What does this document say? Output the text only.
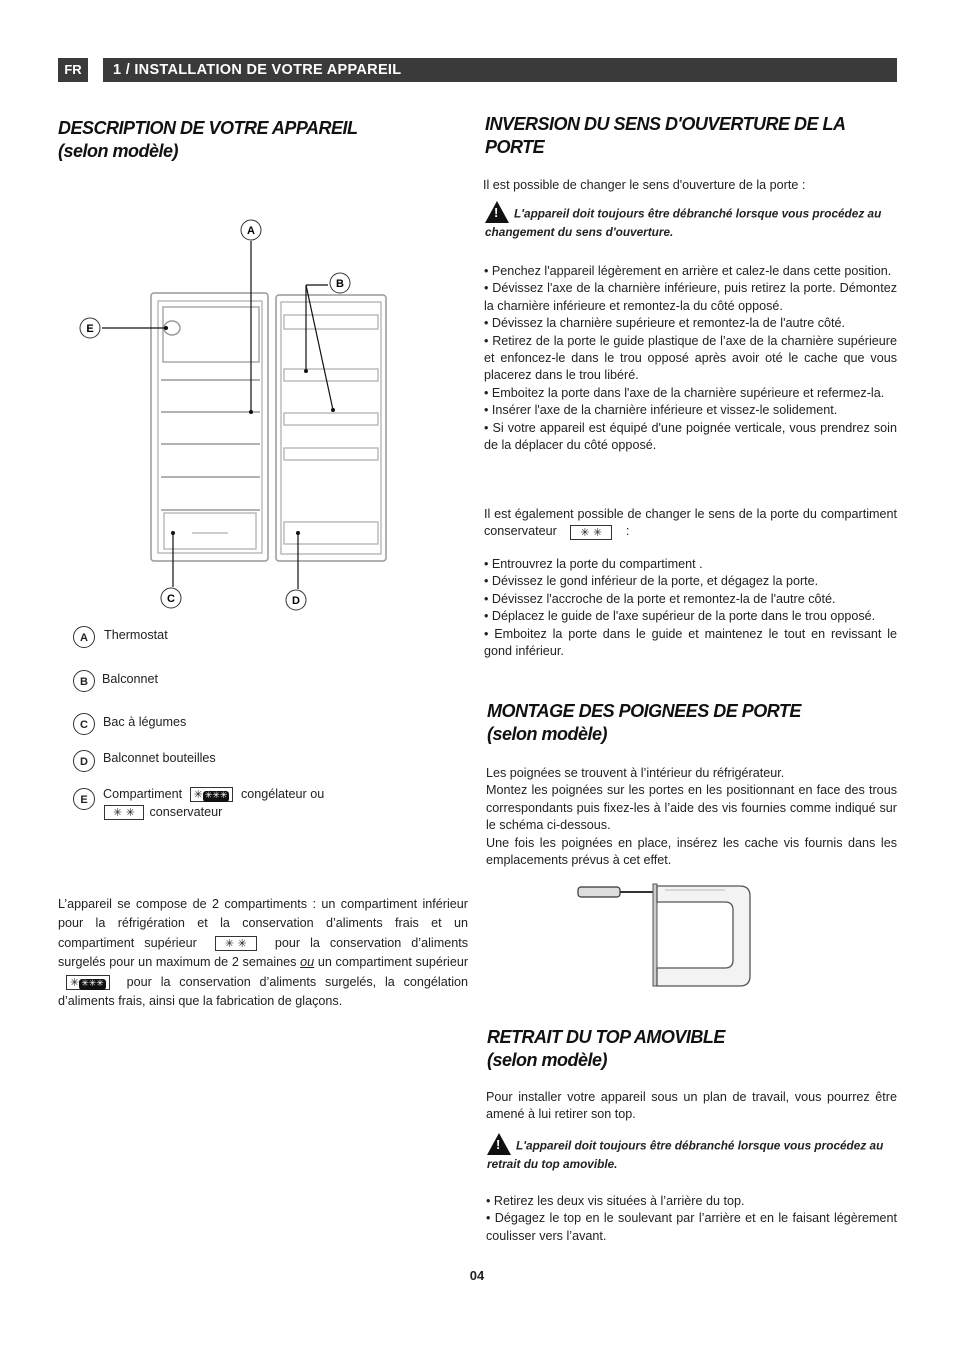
FR	1 / INSTALLATION DE VOTRE APPAREIL
DESCRIPTION DE VOTRE APPAREIL
(selon modèle)
A
B
E
C	D
A	Thermostat
B	Balconnet
C	Bac à légumes
D	Balconnet bouteilles
E	Compartiment ✳ ✳✳✳ congélateur ou
✳ ✳ conservateur
L’appareil se compose de 2 compartiments : un compartiment inférieur pour la réfrigération et la conservation d’aliments frais et un compartiment supérieur	✳ ✳ pour la conservation d’aliments surgelés pour un maximum de 2 semaines ou un compartiment supérieur ✳ ✳✳✳ pour la conservation d’aliments surgelés, la congélation d’aliments frais, ainsi que la fabrication de glaçons.
INVERSION DU SENS D'OUVERTURE DE LA PORTE
Il est possible de changer le sens d'ouverture de la porte :
!L'appareil doit toujours être débranché lorsque vous procédez au changement du sens d'ouverture.
• Penchez l'appareil légèrement en arrière et calez-le dans cette position.
• Dévissez l'axe de la charnière inférieure, puis retirez la porte. Démontez la charnière inférieure et remontez-la du côté opposé.
• Dévissez la charnière supérieure et remontez-la de l'autre côté.
• Retirez de la porte le guide plastique de l’axe de la charnière supérieure et enfoncez-le dans le trou opposé après avoir oté le cache que vous placerez dans le trou libéré.
• Emboitez la porte dans l'axe de la charnière supérieure et refermez-la.
• Insérer l'axe de la charnière inférieure et vissez-le solidement.
• Si votre appareil est équipé d'une poignée verticale, vous prendrez soin de la déplacer du côté opposé.
Il est également possible de changer le sens de la porte du compartiment conservateur ✳ ✳ :
• Entrouvrez la porte du compartiment .
• Dévissez le gond inférieur de la porte, et dégagez la porte.
• Dévissez l'accroche de la porte et remontez-la de l'autre côté.
• Déplacez le guide de l'axe supérieur de la porte dans le trou opposé.
• Emboitez la porte dans le guide et maintenez le tout en revissant le gond inférieur.
MONTAGE DES POIGNEES DE PORTE
(selon modèle)
Les poignées se trouvent à l’intérieur du réfrigérateur.
Montez les poignées sur les portes en les positionnant en face des trous correspondants puis fixez-les à l’aide des vis fournies comme indiqué sur le schéma ci-dessous.
Une fois les poignées en place, insérez les cache vis fournis dans les emplacements prévus à cet effet.
RETRAIT DU TOP AMOVIBLE
(selon modèle)
Pour installer votre appareil sous un plan de travail, vous pourrez être amené à lui retirer son top.
!L'appareil doit toujours être débranché lorsque vous procédez au retrait du top amovible.
• Retirez les deux vis situées à l’arrière du top.
• Dégagez le top en le soulevant par l’arrière et en le faisant légèrement coulisser vers l’avant.
04
